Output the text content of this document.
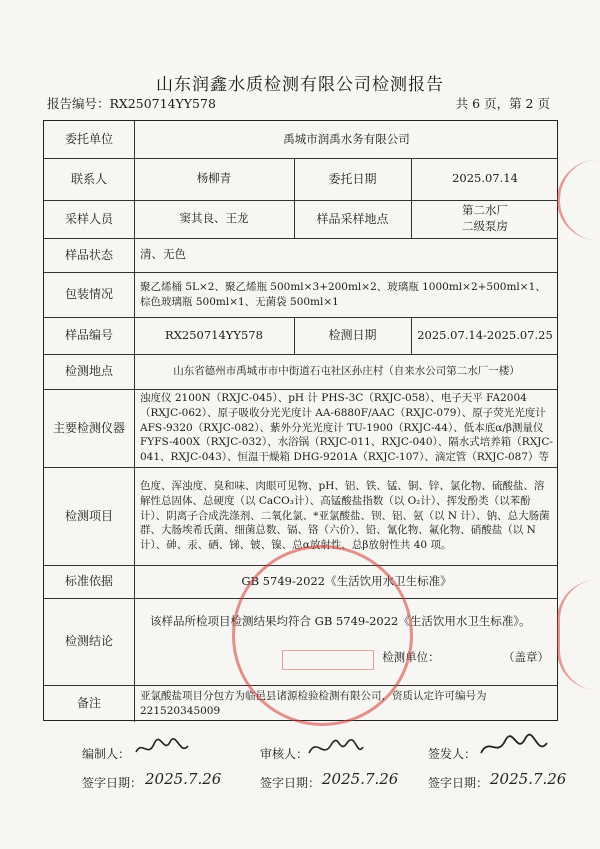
山东润鑫水质检测有限公司检测报告
报告编号：RX250714YY578	共 6 页，第 2 页
委托单位	禹城市润禹水务有限公司
联系人	杨柳青	委托日期	2025.07.14
采样人员	窦其良、王龙	样品采样地点
第二水厂
二级泵房
样品状态	清、无色
包装情况
聚乙烯桶 5L×2、聚乙烯瓶 500ml×3+200ml×2、玻璃瓶 1000ml×2+500ml×1、棕色玻璃瓶 500ml×1、无菌袋 500ml×1
样品编号	RX250714YY578	检测日期	2025.07.14-2025.07.25
检测地点	山东省德州市禹城市市中街道石屯社区孙庄村（自来水公司第二水厂一楼）
主要检测仪器
浊度仪 2100N（RXJC-045）、pH 计 PHS-3C（RXJC-058）、电子天平 FA2004（RXJC-062）、原子吸收分光光度计 AA-6880F/AAC（RXJC-079）、原子荧光光度计 AFS-9320（RXJC-082）、紫外分光光度计 TU-1900（RXJC-44）、低本底α/β测量仪 FYFS-400X（RXJC-032）、水浴锅（RXJC-011、RXJC-040）、隔水式培养箱（RXJC-041、RXJC-043）、恒温干燥箱 DHG-9201A（RXJC-107）、滴定管（RXJC-087）等
检测项目
色度、浑浊度、臭和味、肉眼可见物、pH、铝、铁、锰、铜、锌、氯化物、硫酸盐、溶解性总固体、总硬度（以 CaCO₃计）、高锰酸盐指数（以 O₂计）、挥发酚类（以苯酚计）、阴离子合成洗涤剂、二氧化氯、*亚氯酸盐、钡、铝、氨（以 N 计）、钠、总大肠菌群、大肠埃希氏菌、细菌总数、镉、铬（六价）、铅、氰化物、氟化物、硝酸盐（以 N 计）、砷、汞、硒、锑、铍、镍、总α放射性、总β放射性共 40 项。
标准依据	GB 5749-2022《生活饮用水卫生标准》
检测结论
该样品所检项目检测结果均符合 GB 5749-2022《生活饮用水卫生标准》。
检测单位：	（盖章）
备注
亚氯酸盐项目分包方为临邑县诸源检验检测有限公司，资质认定许可编号为 221520345009
编制人：	审核人：	签发人：
签字日期： 2025.7.26	签字日期： 2025.7.26 签字日期： 2025.7.26
